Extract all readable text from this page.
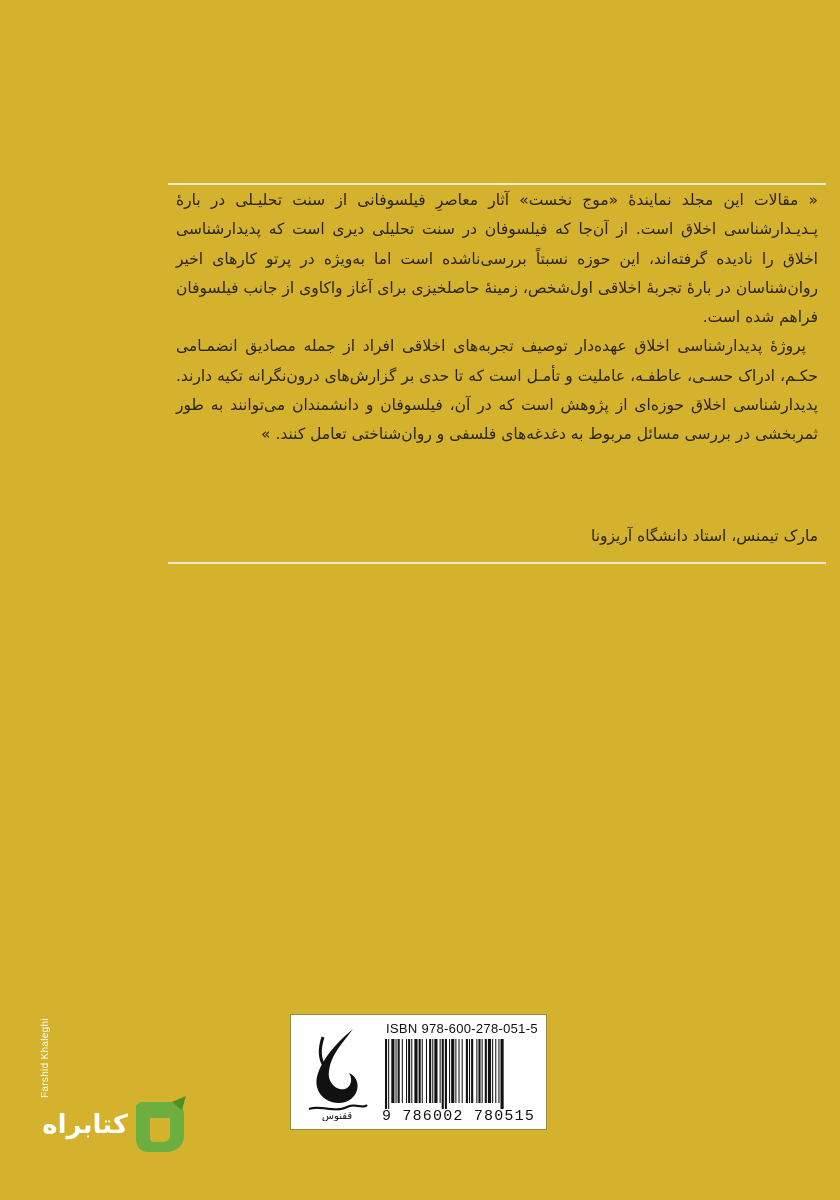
« مقالات این مجلد نمایندۀ «موج نخست» آثار معاصرِ فیلسوفانی از سنت تحلیـلی در بارۀ پـدیـدارشناسی اخلاق است. از آن‌جا که فیلسوفان در سنت تحلیلی دیری است که پدیدارشناسی اخلاق را نادیده گرفته‌اند، این حوزه نسبتاً بررسی‌ناشده است اما به‌ویژه در پرتو کارهای اخیر روان‌شناسان در بارۀ تجربۀ اخلاقی اول‌شخص، زمینۀ حاصلخیزی برای آغاز واکاوی از جانب فیلسوفان فراهم شده است.

پروژۀ پدیدارشناسی اخلاق عهده‌دار توصیف تجربه‌های اخلاقی افراد از جمله مصادیق انضمـامی حکـم، ادراک حسـی، عاطفـه، عاملیت و تأمـل است که تا حدی بر گزارش‌های درون‌نگرانه تکیه دارند. پدیدارشناسی اخلاق حوزه‌ای از پژوهش است که در آن، فیلسوفان و دانشمندان می‌توانند به طور ثمربخشی در بررسی مسائل مربوط به دغدغه‌های فلسفی و روان‌شناختی تعامل کنند. »

مارک تیمنس، استاد دانشگاه آریزونا
ققنوس
ISBN 978-600-278-051-5
9 786002 780515
Farshid Khaleghi
کتابراه
